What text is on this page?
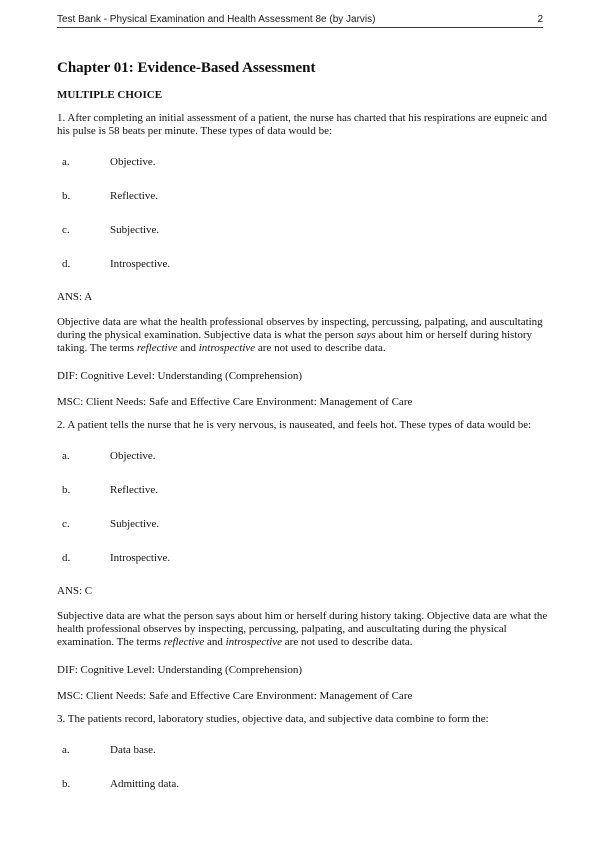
Test Bank - Physical Examination and Health Assessment 8e (by Jarvis)	2
Chapter 01: Evidence-Based Assessment
MULTIPLE CHOICE
1. After completing an initial assessment of a patient, the nurse has charted that his respirations are eupneic and
his pulse is 58 beats per minute. These types of data would be:
a.	Objective.
b.	Reflective.
c.	Subjective.
d.	Introspective.
ANS: A
Objective data are what the health professional observes by inspecting, percussing, palpating, and auscultating
during the physical examination. Subjective data is what the person says about him or herself during history
taking. The terms reflective and introspective are not used to describe data.
DIF: Cognitive Level: Understanding (Comprehension)
MSC: Client Needs: Safe and Effective Care Environment: Management of Care
2. A patient tells the nurse that he is very nervous, is nauseated, and feels hot. These types of data would be:
a.	Objective.
b.	Reflective.
c.	Subjective.
d.	Introspective.
ANS: C
Subjective data are what the person says about him or herself during history taking. Objective data are what the
health professional observes by inspecting, percussing, palpating, and auscultating during the physical
examination. The terms reflective and introspective are not used to describe data.
DIF: Cognitive Level: Understanding (Comprehension)
MSC: Client Needs: Safe and Effective Care Environment: Management of Care
3. The patients record, laboratory studies, objective data, and subjective data combine to form the:
a.	Data base.
b.	Admitting data.
